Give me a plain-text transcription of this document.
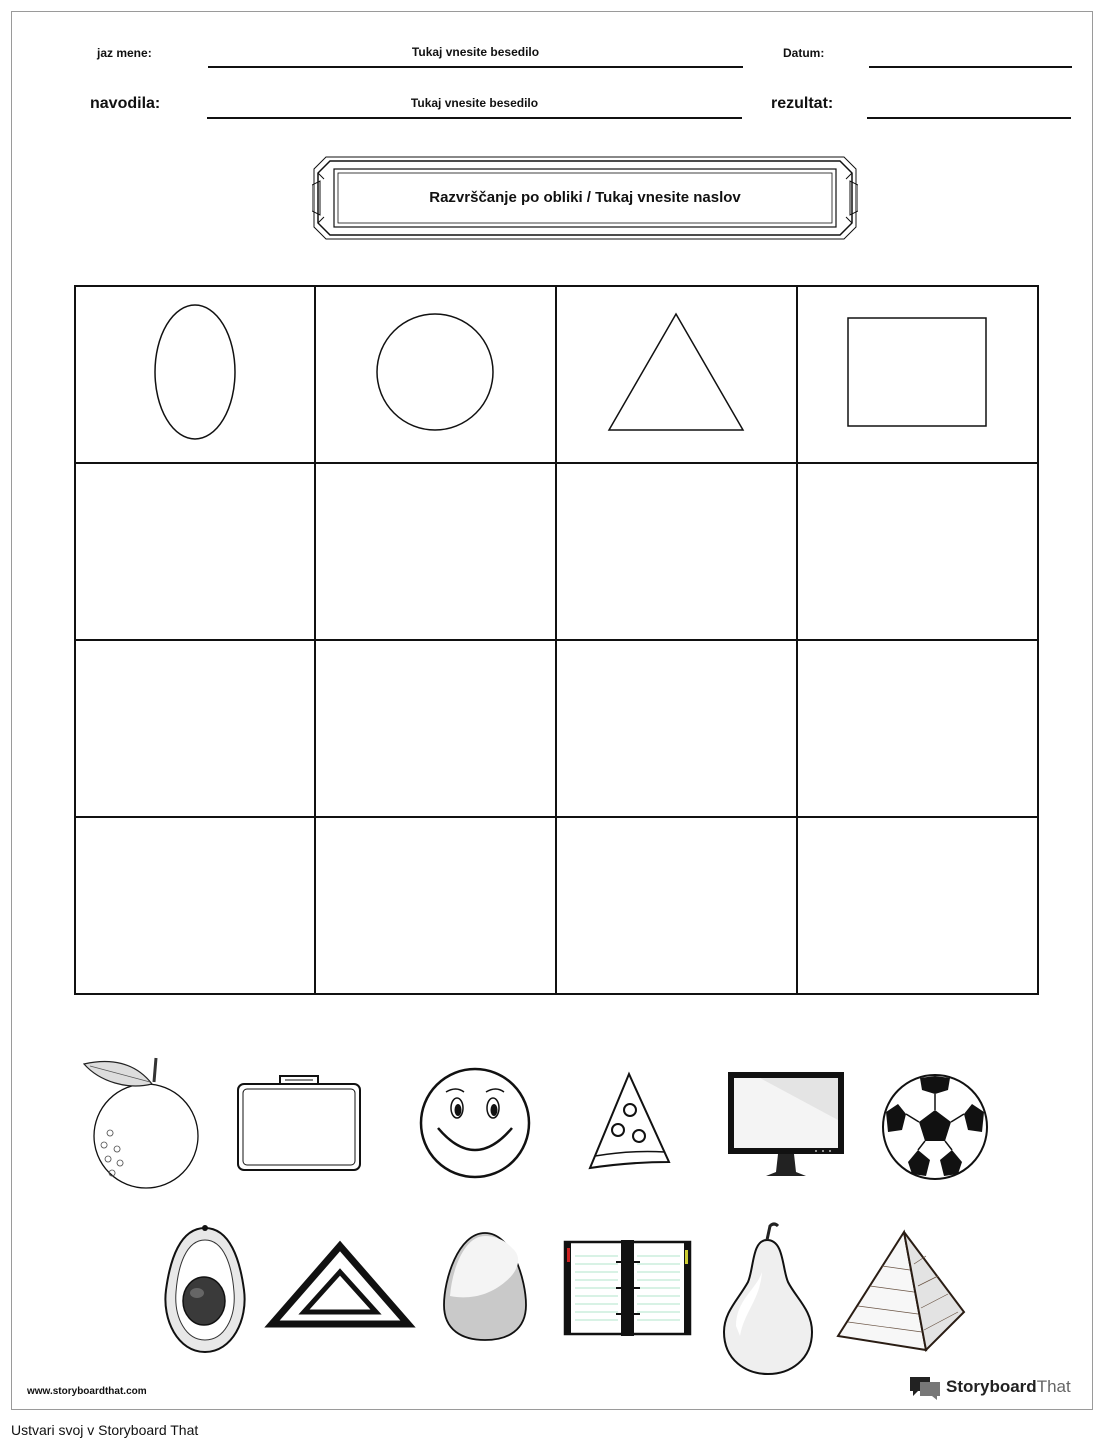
jaz mene:	Tukaj vnesite besedilo	Datum:
navodila:	Tukaj vnesite besedilo	rezultat:
Razvrščanje po obliki / Tukaj vnesite naslov

www.storyboardthat.com	StoryboardThat
Ustvari svoj v Storyboard That
